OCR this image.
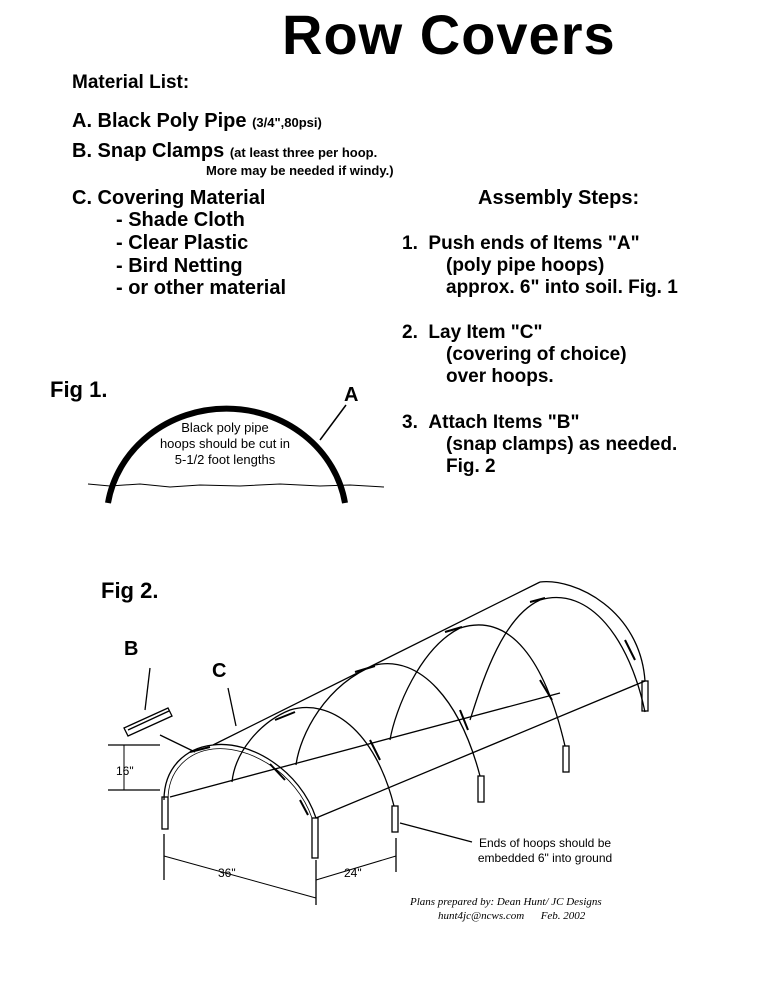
Row Covers
Material List:
A. Black Poly Pipe (3/4",80psi)
B. Snap Clamps (at least three per hoop.
More may be needed if windy.)
C. Covering Material
- Shade Cloth
- Clear Plastic
- Bird Netting
- or other material
Assembly Steps:
1. Push ends of Items "A"
(poly pipe hoops)
approx. 6" into soil. Fig. 1
2. Lay Item "C"
(covering of choice)
over hoops.
3. Attach Items "B"
(snap clamps) as needed.
Fig. 2
Fig 1.	A
Black poly pipe
hoops should be cut in
5-1/2 foot lengths
Fig 2.
B
C
16"
36"	24"
Ends of hoops should be
embedded 6" into ground
Plans prepared by: Dean Hunt/ JC Designs
hunt4jc@ncws.com Feb. 2002
